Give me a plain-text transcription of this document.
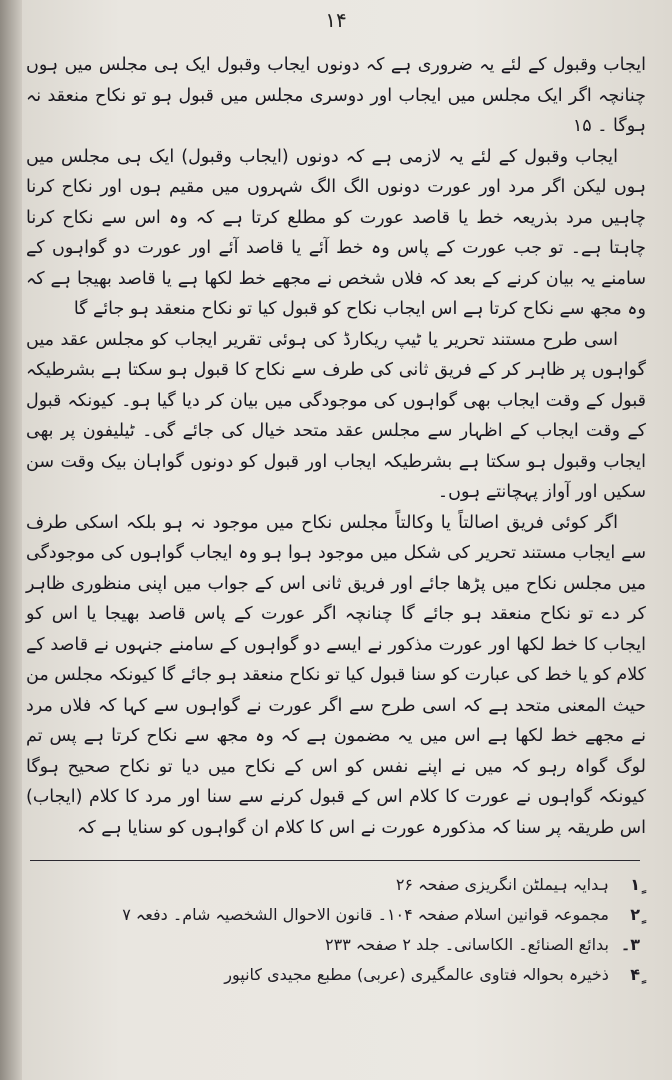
۱۴

ایجاب وقبول کے لئے یہ ضروری ہے کہ دونوں ایجاب وقبول ایک ہی مجلس میں ہوں چنانچہ اگر ایک مجلس میں ایجاب اور دوسری مجلس میں قبول ہو تو نکاح منعقد نہ ہوگا ۔ ۱۵

ایجاب وقبول کے لئے یہ لازمی ہے کہ دونوں (ایجاب وقبول) ایک ہی مجلس میں ہوں لیکن اگر مرد اور عورت دونوں الگ الگ شہروں میں مقیم ہوں اور نکاح کرنا چاہیں مرد بذریعہ خط یا قاصد عورت کو مطلع کرتا ہے کہ وہ اس سے نکاح کرنا چاہتا ہے۔ تو جب عورت کے پاس وہ خط آئے یا قاصد آئے اور عورت دو گواہوں کے سامنے یہ بیان کرنے کے بعد کہ فلاں شخص نے مجھے خط لکھا ہے یا قاصد بھیجا ہے کہ وہ مجھ سے نکاح کرتا ہے اس ایجاب نکاح کو قبول کیا تو نکاح منعقد ہو جائے گا

اسی طرح مستند تحریر یا ٹیپ ریکارڈ کی ہوئی تقریر ایجاب کو مجلس عقد میں گواہوں پر ظاہر کر کے فریق ثانی کی طرف سے نکاح کا قبول ہو سکتا ہے بشرطیکہ قبول کے وقت ایجاب بھی گواہوں کی موجودگی میں بیان کر دیا گیا ہو۔ کیونکہ قبول کے وقت ایجاب کے اظہار سے مجلس عقد متحد خیال کی جائے گی۔ ٹیلیفون پر بھی ایجاب وقبول ہو سکتا ہے بشرطیکہ ایجاب اور قبول کو دونوں گواہان بیک وقت سن سکیں اور آواز پہچانتے ہوں۔

اگر کوئی فریق اصالتاً یا وکالتاً مجلس نکاح میں موجود نہ ہو بلکہ اسکی طرف سے ایجاب مستند تحریر کی شکل میں موجود ہوا ہو وہ ایجاب گواہوں کی موجودگی میں مجلس نکاح میں پڑھا جائے اور فریق ثانی اس کے جواب میں اپنی منظوری ظاہر کر دے تو نکاح منعقد ہو جائے گا چنانچہ اگر عورت کے پاس قاصد بھیجا یا اس کو ایجاب کا خط لکھا اور عورت مذکور نے ایسے دو گواہوں کے سامنے جنہوں نے قاصد کے کلام کو یا خط کی عبارت کو سنا قبول کیا تو نکاح منعقد ہو جائے گا کیونکہ مجلس من حیث المعنی متحد ہے کہ اسی طرح سے اگر عورت نے گواہوں سے کہا کہ فلاں مرد نے مجھے خط لکھا ہے اس میں یہ مضمون ہے کہ وہ مجھ سے نکاح کرتا ہے پس تم لوگ گواہ رہو کہ میں نے اپنے نفس کو اس کے نکاح میں دیا تو نکاح صحیح ہوگا کیونکہ گواہوں نے عورت کا کلام اس کے قبول کرنے سے سنا اور مرد کا کلام (ایجاب) اس طریقہ پر سنا کہ مذکورہ عورت نے اس کا کلام ان گواہوں کو سنایا ہے کہ

۱ٍ ہدایہ ہیملٹن انگریزی صفحہ ۲۶
۲ٍ مجموعہ قوانین اسلام صفحہ ۱۰۴۔ قانون الاحوال الشخصیہ شام۔ دفعہ ۷
۳۔ بدائع الصنائع۔ الکاسانی۔ جلد ۲ صفحہ ۲۳۳
۴ٍ ذخیرہ بحوالہ فتاوی عالمگیری (عربی) مطبع مجیدی کانپور
